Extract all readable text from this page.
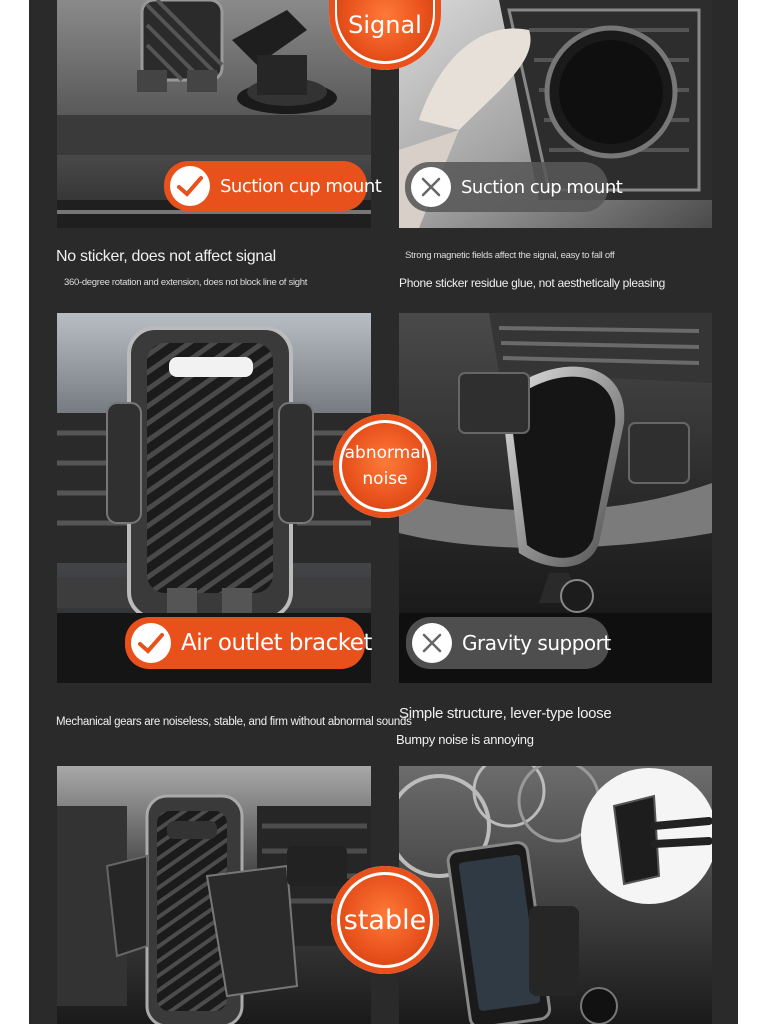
Signal
Suction cup mount	Suction cup mount
No sticker, does not affect signal
360-degree rotation and extension, does not block line of sight
Strong magnetic fields affect the signal, easy to fall off
Phone sticker residue glue, not aesthetically pleasing
abnormal
noise
Air outlet bracket	Gravity support
Mechanical gears are noiseless, stable, and firm without abnormal sounds
Simple structure, lever-type loose
Bumpy noise is annoying
stable
